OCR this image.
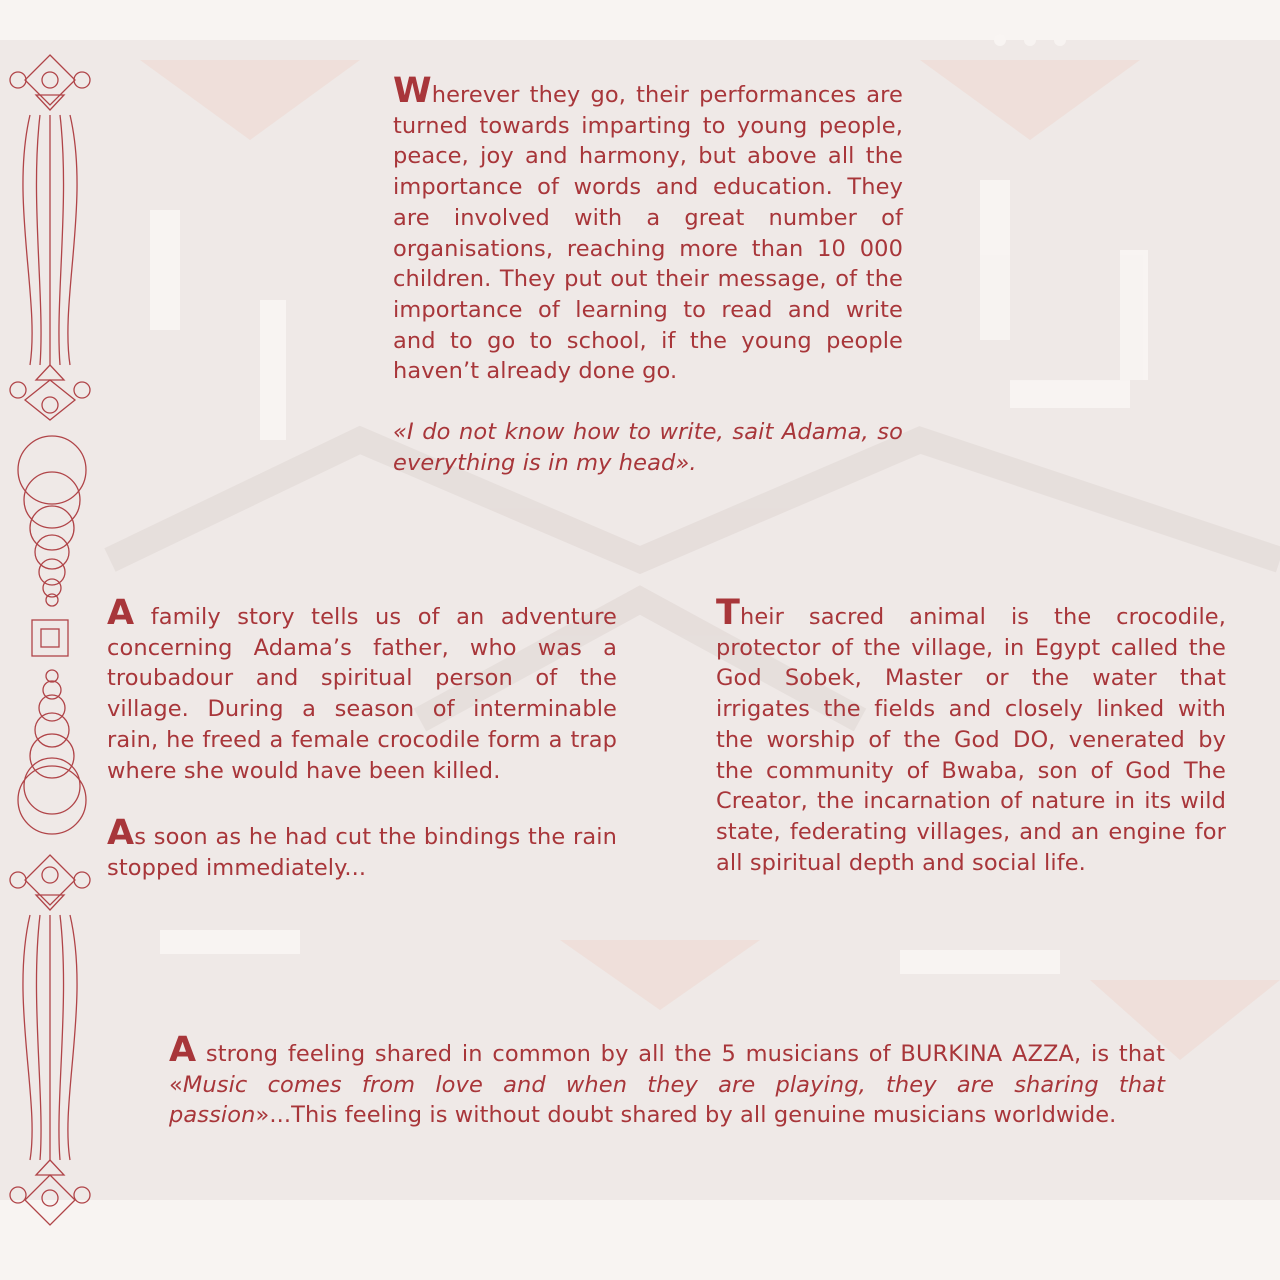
Wherever they go, their performances are turned towards imparting to young people, peace, joy and harmony, but above all the importance of words and education. They are involved with a great number of organisations, reaching more than 10 000 children. They put out their message, of the importance of learning to read and write and to go to school, if the young people haven’t already done go.

«I do not know how to write, sait Adama, so everything is in my head».

A family story tells us of an adventure concerning Adama’s father, who was a troubadour and spiritual person of the village. During a season of interminable rain, he freed a female crocodile form a trap where she would have been killed.

As soon as he had cut the bindings the rain stopped immediately...

Their sacred animal is the crocodile, protector of the village, in Egypt called the God Sobek, Master or the water that irrigates the fields and closely linked with the worship of the God DO, venerated by the community of Bwaba, son of God The Creator, the incarnation of nature in its wild state, federating villages, and an engine for all spiritual depth and social life.

A strong feeling shared in common by all the 5 musicians of BURKINA AZZA, is that «Music comes from love and when they are playing, they are sharing that passion»...This feeling is without doubt shared by all genuine musicians worldwide.
